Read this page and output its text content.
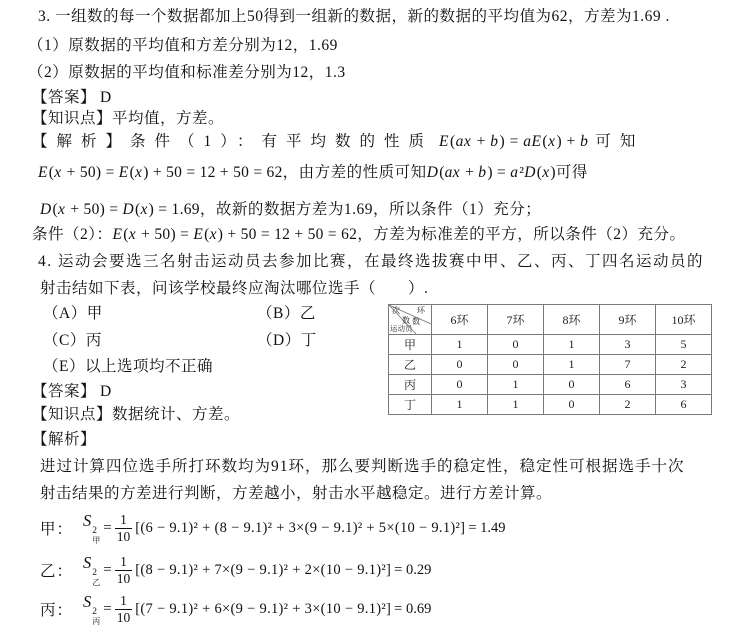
3. 一组数的每一个数据都加上50得到一组新的数据，新的数据的平均值为62，方差为1.69 .
（1）原数据的平均值和方差分别为12，1.69
（2）原数据的平均值和标准差分别为12，1.3
【答案】 D
【知识点】平均值，方差。
【解析】条件（1）：有平均数的性质 E(ax + b) = aE(x) + b 可知
E(x + 50) = E(x) + 50 = 12 + 50 = 62，由方差的性质可知D(ax + b) = a²D(x)可得
D(x + 50) = D(x) = 1.69，故新的数据方差为1.69，所以条件（1）充分；
条件（2）：E(x + 50) = E(x) + 50 = 12 + 50 = 62，方差为标准差的平方，所以条件（2）充分。
4. 运动会要选三名射击运动员去参加比赛，在最终选拔赛中甲、乙、丙、丁四名运动员的
射击结如下表，问该学校最终应淘汰哪位选手（　　）.
（A）甲	（B）乙
（C）丙	（D）丁
（E）以上选项均不正确
【答案】 D
【知识点】数据统计、方差。
【解析】
进过计算四位选手所打环数均为91环，那么要判断选手的稳定性，稳定性可根据选手十次
射击结果的方差进行判断，方差越小，射击水平越稳定。进行方差计算。
次 环
数 数
运动员	6环	7环	8环	9环	10环
甲	1	0	1	3	5
乙	0	0	1	7	2
丙	0	1	0	6	3
丁	1	1	0	2	6
甲： S
2
甲
= $\frac{1}{10} [(6 - 9.1)^2 + (8 - 9.1)^2 + 3\times(9 - 9.1)^2 + 5\times(10 - 9.1)^2] = 1.49$
乙： S
2
乙
= $\frac{1}{10} [(8 - 9.1)^2 + 7\times(9 - 9.1)^2 + 2\times(10 - 9.1)^2] = 0.29$
丙： S
2
丙
= $\frac{1}{10} [(7 - 9.1)^2 + 6\times(9 - 9.1)^2 + 3\times(10 - 9.1)^2] = 0.69$
